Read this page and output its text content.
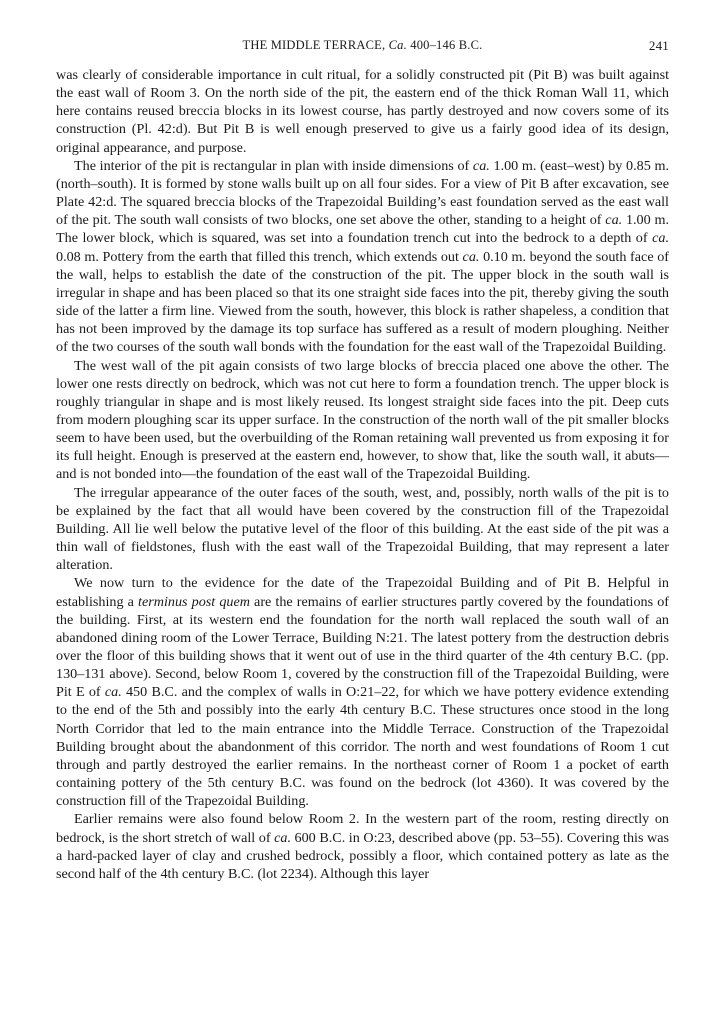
THE MIDDLE TERRACE, Ca. 400–146 B.C.	241

was clearly of considerable importance in cult ritual, for a solidly constructed pit (Pit B) was built against the east wall of Room 3. On the north side of the pit, the eastern end of the thick Roman Wall 11, which here contains reused breccia blocks in its lowest course, has partly destroyed and now covers some of its construction (Pl. 42:d). But Pit B is well enough preserved to give us a fairly good idea of its design, original appearance, and purpose.

The interior of the pit is rectangular in plan with inside dimensions of ca. 1.00 m. (east–west) by 0.85 m. (north–south). It is formed by stone walls built up on all four sides. For a view of Pit B after excavation, see Plate 42:d. The squared breccia blocks of the Trapezoidal Building’s east foundation served as the east wall of the pit. The south wall consists of two blocks, one set above the other, standing to a height of ca. 1.00 m. The lower block, which is squared, was set into a foundation trench cut into the bedrock to a depth of ca. 0.08 m. Pottery from the earth that filled this trench, which extends out ca. 0.10 m. beyond the south face of the wall, helps to establish the date of the construction of the pit. The upper block in the south wall is irregular in shape and has been placed so that its one straight side faces into the pit, thereby giving the south side of the latter a firm line. Viewed from the south, however, this block is rather shapeless, a condition that has not been improved by the damage its top surface has suffered as a result of modern ploughing. Neither of the two courses of the south wall bonds with the foundation for the east wall of the Trapezoidal Building.

The west wall of the pit again consists of two large blocks of breccia placed one above the other. The lower one rests directly on bedrock, which was not cut here to form a foundation trench. The upper block is roughly triangular in shape and is most likely reused. Its longest straight side faces into the pit. Deep cuts from modern ploughing scar its upper surface. In the construction of the north wall of the pit smaller blocks seem to have been used, but the overbuilding of the Roman retaining wall prevented us from exposing it for its full height. Enough is preserved at the eastern end, however, to show that, like the south wall, it abuts—and is not bonded into—the foundation of the east wall of the Trapezoidal Building.

The irregular appearance of the outer faces of the south, west, and, possibly, north walls of the pit is to be explained by the fact that all would have been covered by the construction fill of the Trapezoidal Building. All lie well below the putative level of the floor of this building. At the east side of the pit was a thin wall of fieldstones, flush with the east wall of the Trapezoidal Building, that may represent a later alteration.

We now turn to the evidence for the date of the Trapezoidal Building and of Pit B. Helpful in establishing a terminus post quem are the remains of earlier structures partly covered by the foundations of the building. First, at its western end the foundation for the north wall replaced the south wall of an abandoned dining room of the Lower Terrace, Building N:21. The latest pottery from the destruction debris over the floor of this building shows that it went out of use in the third quarter of the 4th century B.C. (pp. 130–131 above). Second, below Room 1, covered by the construction fill of the Trapezoidal Building, were Pit E of ca. 450 B.C. and the complex of walls in O:21–22, for which we have pottery evidence extending to the end of the 5th and possibly into the early 4th century B.C. These structures once stood in the long North Corridor that led to the main entrance into the Middle Terrace. Construction of the Trapezoidal Building brought about the abandonment of this corridor. The north and west foundations of Room 1 cut through and partly destroyed the earlier remains. In the northeast corner of Room 1 a pocket of earth containing pottery of the 5th century B.C. was found on the bedrock (lot 4360). It was covered by the construction fill of the Trapezoidal Building.

Earlier remains were also found below Room 2. In the western part of the room, resting directly on bedrock, is the short stretch of wall of ca. 600 B.C. in O:23, described above (pp. 53–55). Covering this was a hard-packed layer of clay and crushed bedrock, possibly a floor, which contained pottery as late as the second half of the 4th century B.C. (lot 2234). Although this layer
